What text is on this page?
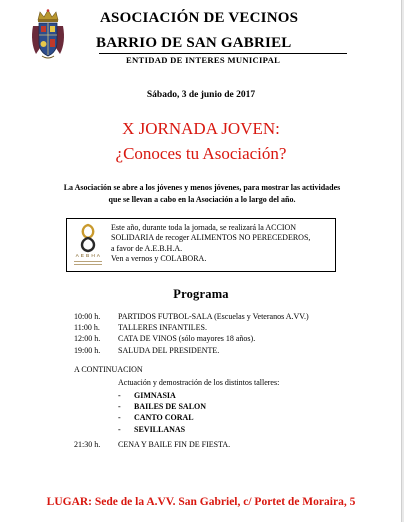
ASOCIACIÓN DE VECINOS
BARRIO DE SAN GABRIEL
ENTIDAD DE INTERES MUNICIPAL
Sábado, 3 de junio de 2017
X JORNADA JOVEN:
¿Conoces tu Asociación?
La Asociación se abre a los jóvenes y menos jóvenes, para mostrar las actividades
que se llevan a cabo en la Asociación a lo largo del año.
A E B H A
Este año, durante toda la jornada, se realizará la ACCION
SOLIDARIA de recoger ALIMENTOS NO PERECEDEROS,
a favor de A.E.B.H.A.
Ven a vernos y COLABORA.
Programa
10:00 h. PARTIDOS FUTBOL-SALA (Escuelas y Veteranos A.VV.)
11:00 h. TALLERES INFANTILES.
12:00 h. CATA DE VINOS (sólo mayores 18 años).
19:00 h. SALUDA DEL PRESIDENTE.
A CONTINUACION
Actuación y demostración de los distintos talleres:
- GIMNASIA
- BAILES DE SALON
- CANTO CORAL
- SEVILLANAS
21:30 h. CENA Y BAILE FIN DE FIESTA.
LUGAR: Sede de la A.VV. San Gabriel, c/ Portet de Moraira, 5
